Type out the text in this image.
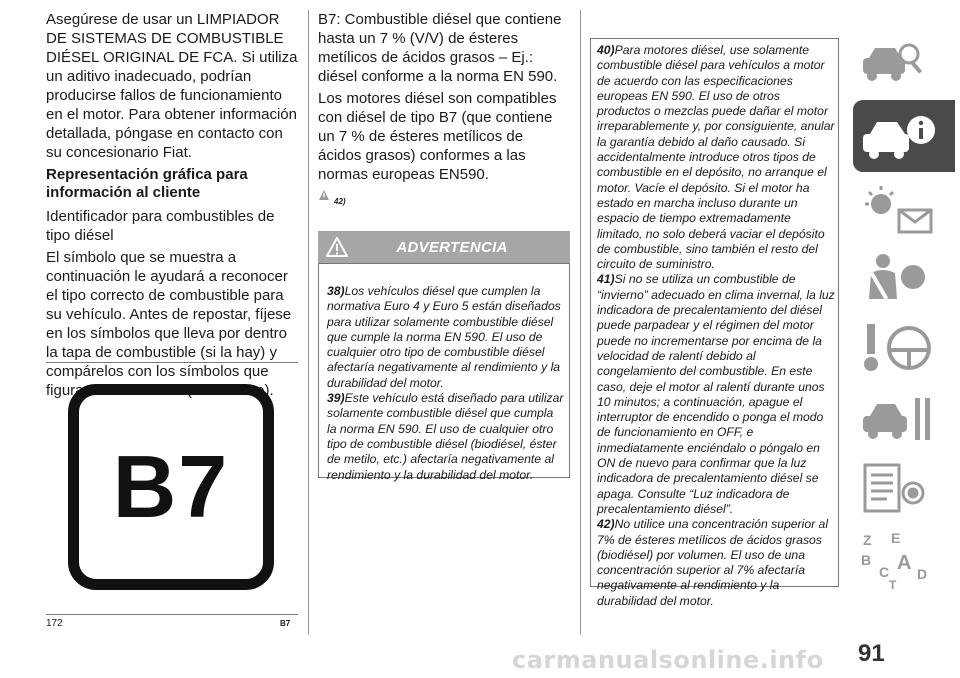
Asegúrese de usar un LIMPIADOR DE SISTEMAS DE COMBUSTIBLE DIÉSEL ORIGINAL DE FCA. Si utiliza un aditivo inadecuado, podrían producirse fallos de funcionamiento en el motor. Para obtener información detallada, póngase en contacto con su concesionario Fiat.

Representación gráfica para información al cliente

Identificador para combustibles de tipo diésel

El símbolo que se muestra a continuación le ayudará a reconocer el tipo correcto de combustible para su vehículo. Antes de repostar, fíjese en los símbolos que lleva por dentro la tapa de combustible (si la hay) y compárelos con los símbolos que figuran en el surtidor (en su caso).

B7

B7: Combustible diésel que contiene hasta un 7 % (V/V) de ésteres metílicos de ácidos grasos – Ej.: diésel conforme a la norma EN 590.

Los motores diésel son compatibles con diésel de tipo B7 (que contiene un 7 % de ésteres metílicos de ácidos grasos) conformes a las normas europeas EN590.

42)
ADVERTENCIA

38)Los vehículos diésel que cumplen la normativa Euro 4 y Euro 5 están diseñados para utilizar solamente combustible diésel que cumple la norma EN 590. El uso de cualquier otro tipo de combustible diésel afectaría negativamente al rendimiento y la durabilidad del motor.

39)Este vehículo está diseñado para utilizar solamente combustible diésel que cumpla la norma EN 590. El uso de cualquier otro tipo de combustible diésel (biodiésel, éster de metilo, etc.) afectaría negativamente al rendimiento y la durabilidad del motor.

40)Para motores diésel, use solamente combustible diésel para vehículos a motor de acuerdo con las especificaciones europeas EN 590. El uso de otros productos o mezclas puede dañar el motor irreparablemente y, por consiguiente, anular la garantía debido al daño causado. Si accidentalmente introduce otros tipos de combustible en el depósito, no arranque el motor. Vacíe el depósito. Si el motor ha estado en marcha incluso durante un espacio de tiempo extremadamente limitado, no solo deberá vaciar el depósito de combustible, sino también el resto del circuito de suministro.

41)Si no se utiliza un combustible de “invierno” adecuado en clima invernal, la luz indicadora de precalentamiento del diésel puede parpadear y el régimen del motor puede no incrementarse por encima de la velocidad de ralentí debido al congelamiento del combustible. En este caso, deje el motor al ralentí durante unos 10 minutos; a continuación, apague el interruptor de encendido o ponga el modo de funcionamiento en OFF, e inmediatamente enciéndalo o póngalo en ON de nuevo para confirmar que la luz indicadora de precalentamiento diésel se apaga. Consulte “Luz indicadora de precalentamiento diésel”.

42)No utilice una concentración superior al 7% de ésteres metílicos de ácidos grasos (biodiésel) por volumen. El uso de una concentración superior al 7% afectaría negativamente al rendimiento y la durabilidad del motor.

172	B7
Z E
B
C A D
T
91
carmanualsonline.info
